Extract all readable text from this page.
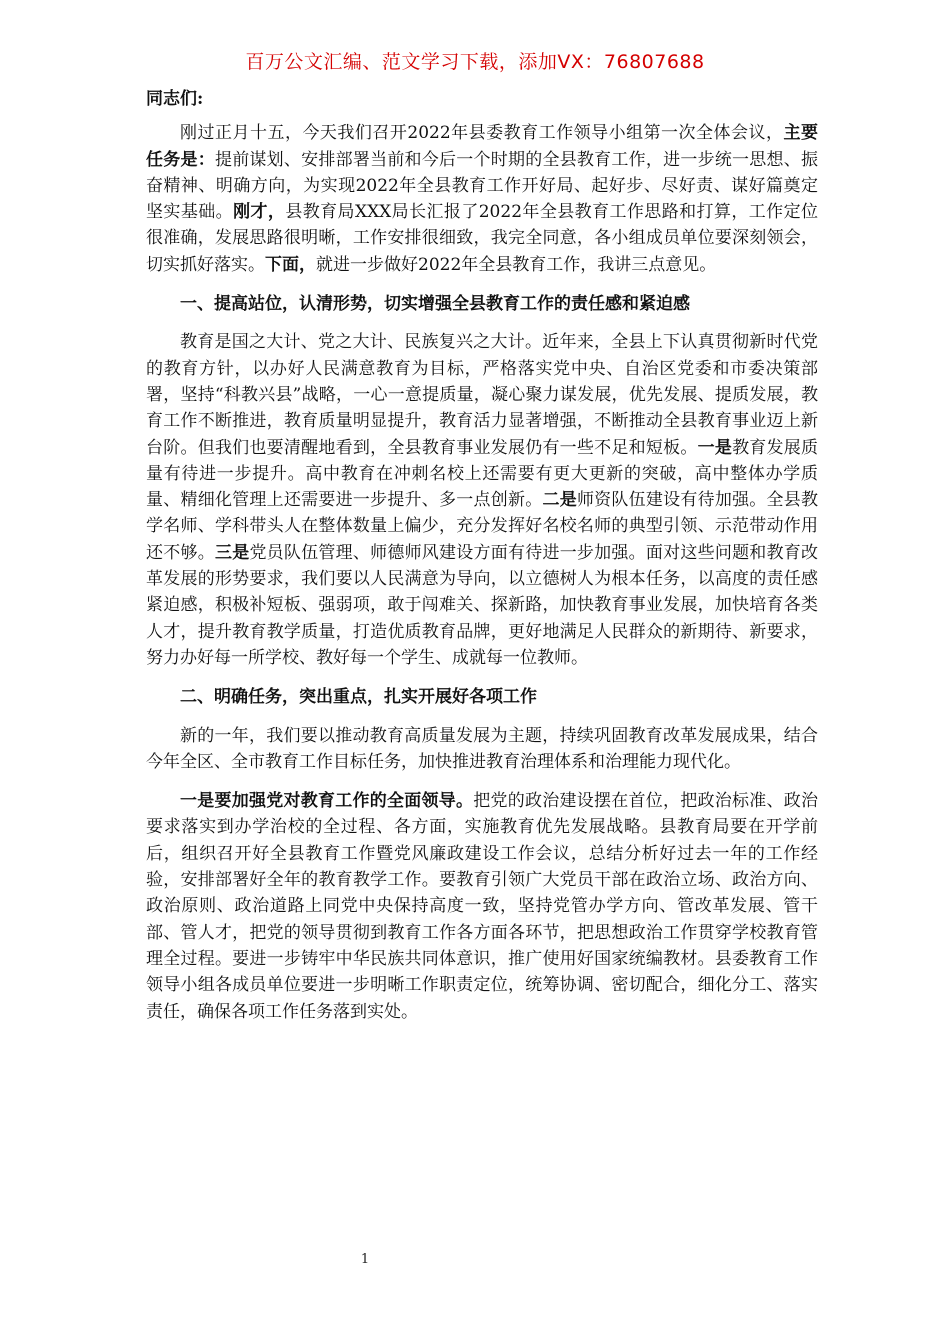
百万公文汇编、范文学习下载，添加VX：76807688

同志们:

刚过正月十五，今天我们召开2022年县委教育工作领导小组第一次全体会议，主要任务是：提前谋划、安排部署当前和今后一个时期的全县教育工作，进一步统一思想、振奋精神、明确方向，为实现2022年全县教育工作开好局、起好步、尽好责、谋好篇奠定坚实基础。刚才，县教育局XXX局长汇报了2022年全县教育工作思路和打算，工作定位很准确，发展思路很明晰，工作安排很细致，我完全同意，各小组成员单位要深刻领会，切实抓好落实。下面，就进一步做好2022年全县教育工作，我讲三点意见。

一、提高站位，认清形势，切实增强全县教育工作的责任感和紧迫感

教育是国之大计、党之大计、民族复兴之大计。近年来，全县上下认真贯彻新时代党的教育方针，以办好人民满意教育为目标，严格落实党中央、自治区党委和市委决策部署，坚持“科教兴县”战略，一心一意提质量，凝心聚力谋发展，优先发展、提质发展，教育工作不断推进，教育质量明显提升，教育活力显著增强，不断推动全县教育事业迈上新台阶。但我们也要清醒地看到，全县教育事业发展仍有一些不足和短板。一是教育发展质量有待进一步提升。高中教育在冲刺名校上还需要有更大更新的突破，高中整体办学质量、精细化管理上还需要进一步提升、多一点创新。二是师资队伍建设有待加强。全县教学名师、学科带头人在整体数量上偏少，充分发挥好名校名师的典型引领、示范带动作用还不够。三是党员队伍管理、师德师风建设方面有待进一步加强。面对这些问题和教育改革发展的形势要求，我们要以人民满意为导向，以立德树人为根本任务，以高度的责任感紧迫感，积极补短板、强弱项，敢于闯难关、探新路，加快教育事业发展，加快培育各类人才，提升教育教学质量，打造优质教育品牌，更好地满足人民群众的新期待、新要求，努力办好每一所学校、教好每一个学生、成就每一位教师。

二、明确任务，突出重点，扎实开展好各项工作

新的一年，我们要以推动教育高质量发展为主题，持续巩固教育改革发展成果，结合今年全区、全市教育工作目标任务，加快推进教育治理体系和治理能力现代化。

一是要加强党对教育工作的全面领导。把党的政治建设摆在首位，把政治标准、政治要求落实到办学治校的全过程、各方面，实施教育优先发展战略。县教育局要在开学前后，组织召开好全县教育工作暨党风廉政建设工作会议，总结分析好过去一年的工作经验，安排部署好全年的教育教学工作。要教育引领广大党员干部在政治立场、政治方向、政治原则、政治道路上同党中央保持高度一致，坚持党管办学方向、管改革发展、管干部、管人才，把党的领导贯彻到教育工作各方面各环节，把思想政治工作贯穿学校教育管理全过程。要进一步铸牢中华民族共同体意识，推广使用好国家统编教材。县委教育工作领导小组各成员单位要进一步明晰工作职责定位，统筹协调、密切配合，细化分工、落实责任，确保各项工作任务落到实处。

1
